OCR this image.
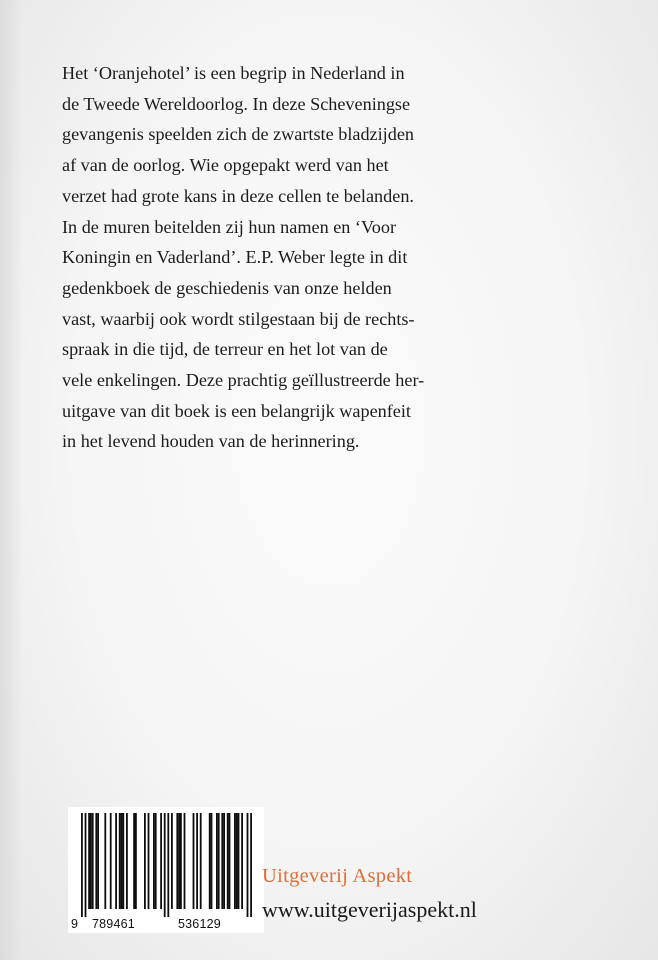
Het ‘Oranjehotel’ is een begrip in Nederland in
de Tweede Wereldoorlog. In deze Scheveningse
gevangenis speelden zich de zwartste bladzijden
af van de oorlog. Wie opgepakt werd van het
verzet had grote kans in deze cellen te belanden.
In de muren beitelden zij hun namen en ‘Voor
Koningin en Vaderland’. E.P. Weber legte in dit
gedenkboek de geschiedenis van onze helden
vast, waarbij ook wordt stilgestaan bij de rechts-
spraak in die tijd, de terreur en het lot van de
vele enkelingen. Deze prachtig geïllustreerde her-
uitgave van dit boek is een belangrijk wapenfeit
in het levend houden van de herinnering.

9 789461	536129
Uitgeverij Aspekt
www.uitgeverijaspekt.nl
